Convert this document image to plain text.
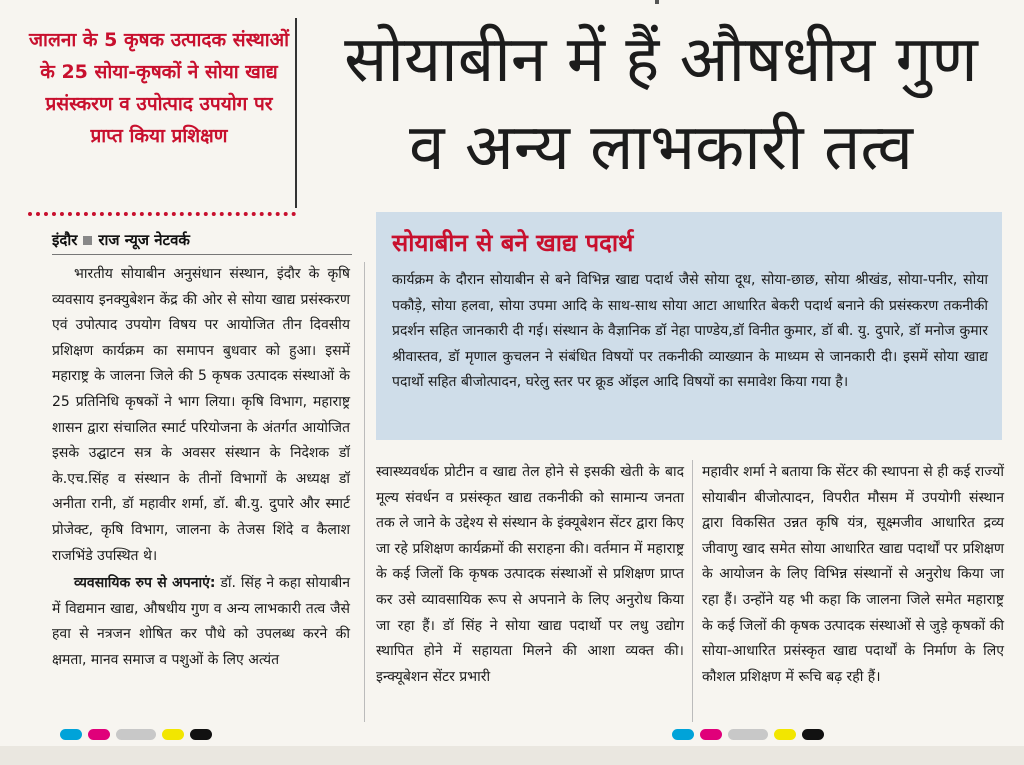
जालना के 5 कृषक उत्पादक संस्थाओं के 25 सोया-कृषकों ने सोया खाद्य प्रसंस्करण व उपोत्पाद उपयोग पर प्राप्त किया प्रशिक्षण
सोयाबीन में हैं औषधीय गुण
व अन्य लाभकारी तत्व
इंदौर राज न्यूज नेटवर्क

भारतीय सोयाबीन अनुसंधान संस्थान, इंदौर के कृषि व्यवसाय इनक्युबेशन केंद्र की ओर से सोया खाद्य प्रसंस्करण एवं उपोत्पाद उपयोग विषय पर आयोजित तीन दिवसीय प्रशिक्षण कार्यक्रम का समापन बुधवार को हुआ। इसमें महाराष्ट्र के जालना जिले की 5 कृषक उत्पादक संस्थाओं के 25 प्रतिनिधि कृषकों ने भाग लिया। कृषि विभाग, महाराष्ट्र शासन द्वारा संचालित स्मार्ट परियोजना के अंतर्गत आयोजित इसके उद्घाटन सत्र के अवसर संस्थान के निदेशक डॉ के.एच.सिंह व संस्थान के तीनों विभागों के अध्यक्ष डॉ अनीता रानी, डॉ महावीर शर्मा, डॉ. बी.यु. दुपारे और स्मार्ट प्रोजेक्ट, कृषि विभाग, जालना के तेजस शिंदे व कैलाश राजभिंडे उपस्थित थे।

व्यवसायिक रुप से अपनाएं: डॉ. सिंह ने कहा सोयाबीन में विद्यमान खाद्य, औषधीय गुण व अन्य लाभकारी तत्व जैसे हवा से नत्रजन शोषित कर पौधे को उपलब्ध करने की क्षमता, मानव समाज व पशुओं के लिए अत्यंत

सोयाबीन से बने खाद्य पदार्थ
कार्यक्रम के दौरान सोयाबीन से बने विभिन्न खाद्य पदार्थ जैसे सोया दूध, सोया-छाछ, सोया श्रीखंड, सोया-पनीर, सोया पकौड़े, सोया हलवा, सोया उपमा आदि के साथ-साथ सोया आटा आधारित बेकरी पदार्थ बनाने की प्रसंस्करण तकनीकी प्रदर्शन सहित जानकारी दी गई। संस्थान के वैज्ञानिक डॉ नेहा पाण्डेय,डॉ विनीत कुमार, डॉ बी. यु. दुपारे, डॉ मनोज कुमार श्रीवास्तव, डॉ मृणाल कुचलन ने संबंधित विषयों पर तकनीकी व्याख्यान के माध्यम से जानकारी दी। इसमें सोया खाद्य पदार्थो सहित बीजोत्पादन, घरेलु स्तर पर क्रूड ऑइल आदि विषयों का समावेश किया गया है।

स्वास्थ्यवर्धक प्रोटीन व खाद्य तेल होने से इसकी खेती के बाद मूल्य संवर्धन व प्रसंस्कृत खाद्य तकनीकी को सामान्य जनता तक ले जाने के उद्देश्य से संस्थान के इंक्यूबेशन सेंटर द्वारा किए जा रहे प्रशिक्षण कार्यक्रमों की सराहना की। वर्तमान में महाराष्ट्र के कई जिलों कि कृषक उत्पादक संस्थाओं से प्रशिक्षण प्राप्त कर उसे व्यावसायिक रूप से अपनाने के लिए अनुरोध किया जा रहा हैं। डॉ सिंह ने सोया खाद्य पदार्थो पर लधु उद्योग स्थापित होने में सहायता मिलने की आशा व्यक्त की। इन्क्यूबेशन सेंटर प्रभारी

महावीर शर्मा ने बताया कि सेंटर की स्थापना से ही कई राज्यों सोयाबीन बीजोत्पादन, विपरीत मौसम में उपयोगी संस्थान द्वारा विकसित उन्नत कृषि यंत्र, सूक्ष्मजीव आधारित द्रव्य जीवाणु खाद समेत सोया आधारित खाद्य पदार्थों पर प्रशिक्षण के आयोजन के लिए विभिन्न संस्थानों से अनुरोध किया जा रहा हैं। उन्होंने यह भी कहा कि जालना जिले समेत महाराष्ट्र के कई जिलों की कृषक उत्पादक संस्थाओं से जुड़े कृषकों की सोया-आधारित प्रसंस्कृत खाद्य पदार्थों के निर्माण के लिए कौशल प्रशिक्षण में रूचि बढ़ रही हैं।
